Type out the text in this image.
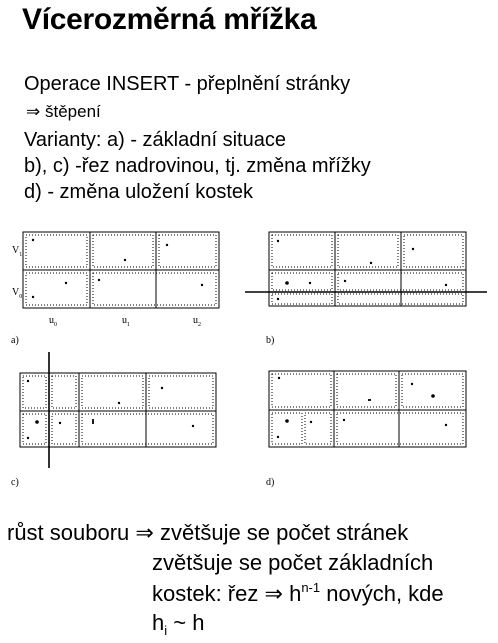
Vícerozměrná mřížka
Operace INSERT - přeplnění stránky
⇒ štěpení
Varianty: a) - základní situace
b), c) -řez nadrovinou, tj. změna mřížky
d) - změna uložení kostek
$V_1$
$V_0$
$u_0$	$u_1$	$u_2$
a)	b)
c)	d)
růst souboru ⇒ zvětšuje se počet stránek
zvětšuje se počet základních
kostek: řez ⇒ $h^{n-1}$ nových, kde
$h_i$ ~ h
